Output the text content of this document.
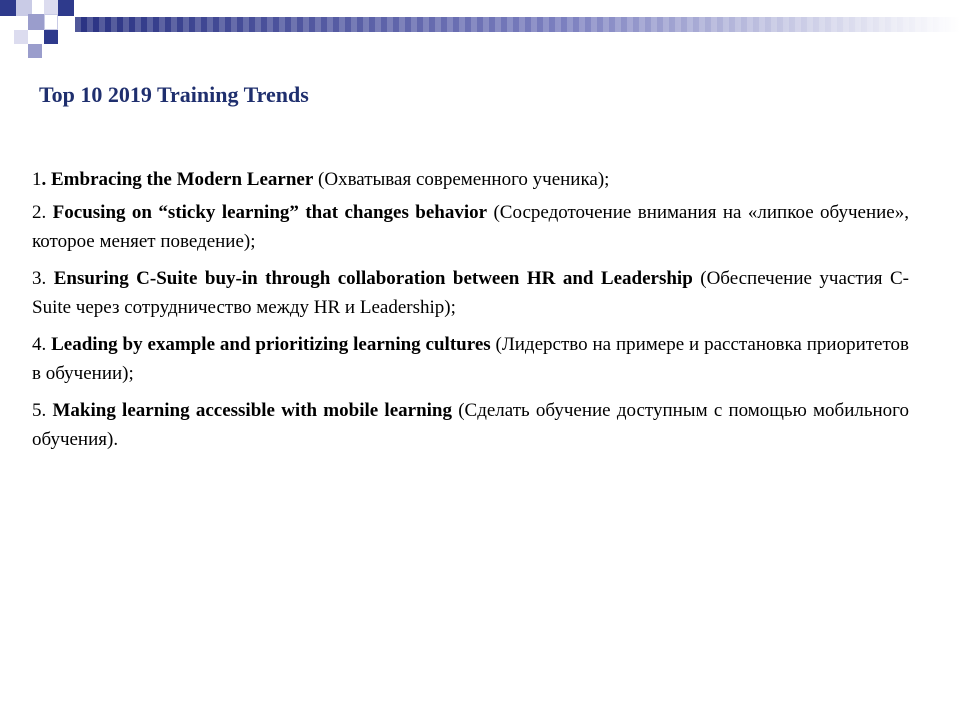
Top 10 2019 Training Trends

1. Embracing the Modern Learner (Охватывая современного ученика);

2. Focusing on “sticky learning” that changes behavior (Сосредоточение внимания на «липкое обучение», которое меняет поведение);

3. Ensuring C-Suite buy-in through collaboration between HR and Leadership (Обеспечение участия C-Suite через сотрудничество между HR и Leadership);

4. Leading by example and prioritizing learning cultures (Лидерство на примере и расстановка приоритетов в обучении);

5. Making learning accessible with mobile learning (Сделать обучение доступным с помощью мобильного обучения).
